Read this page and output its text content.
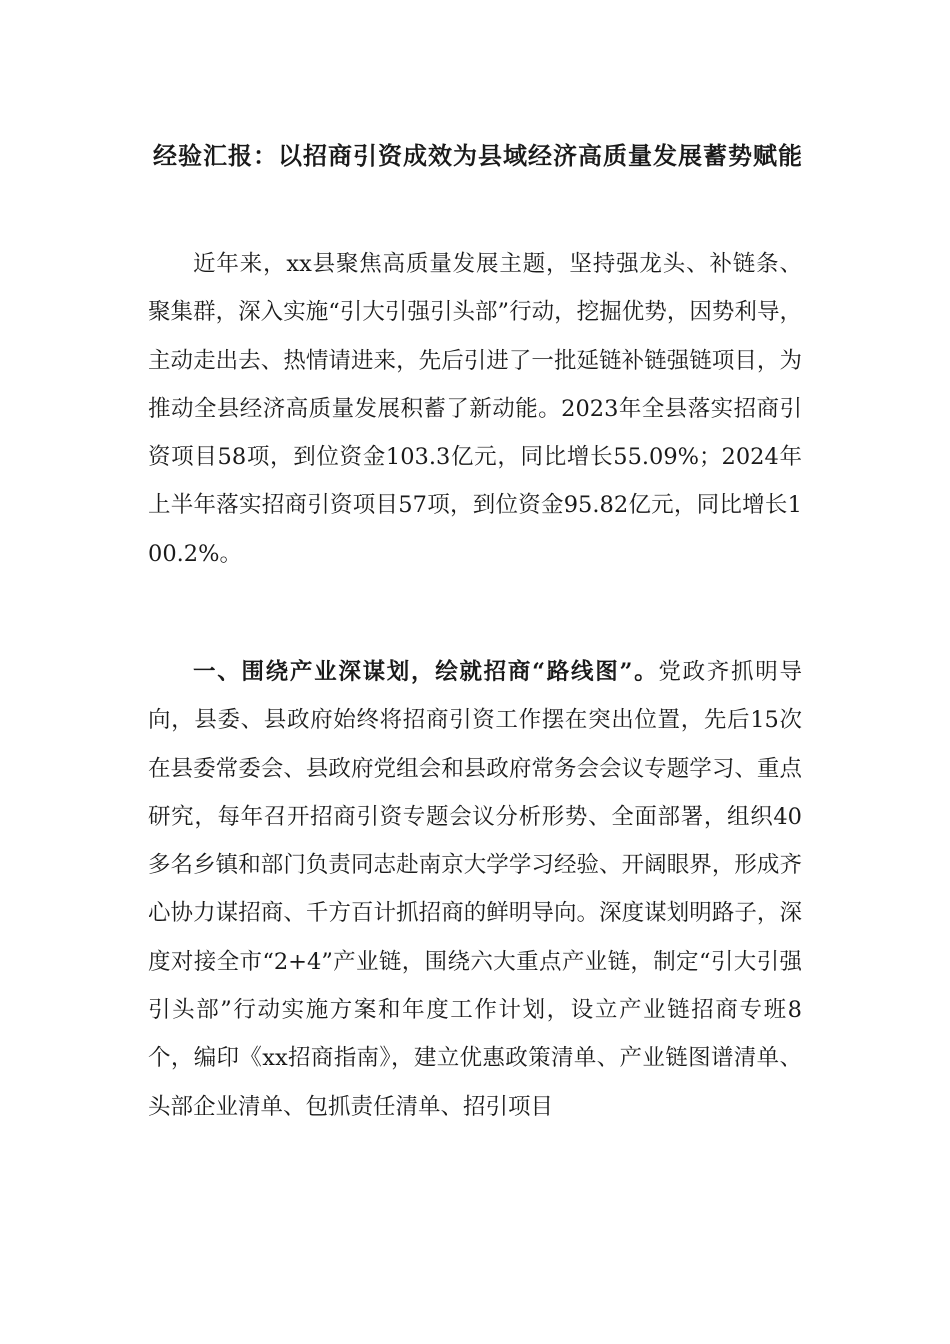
经验汇报：以招商引资成效为县域经济高质量发展蓄势赋能

近年来，xx县聚焦高质量发展主题，坚持强龙头、补链条、聚集群，深入实施“引大引强引头部”行动，挖掘优势，因势利导，主动走出去、热情请进来，先后引进了一批延链补链强链项目，为推动全县经济高质量发展积蓄了新动能。2023年全县落实招商引资项目58项，到位资金103.3亿元，同比增长55.09%；2024年上半年落实招商引资项目57项，到位资金95.82亿元，同比增长100.2%。

一、围绕产业深谋划，绘就招商“路线图”。党政齐抓明导向，县委、县政府始终将招商引资工作摆在突出位置，先后15次在县委常委会、县政府党组会和县政府常务会会议专题学习、重点研究，每年召开招商引资专题会议分析形势、全面部署，组织40多名乡镇和部门负责同志赴南京大学学习经验、开阔眼界，形成齐心协力谋招商、千方百计抓招商的鲜明导向。深度谋划明路子，深度对接全市“2+4”产业链，围绕六大重点产业链，制定“引大引强引头部”行动实施方案和年度工作计划，设立产业链招商专班8个，编印《xx招商指南》，建立优惠政策清单、产业链图谱清单、头部企业清单、包抓责任清单、招引项目
